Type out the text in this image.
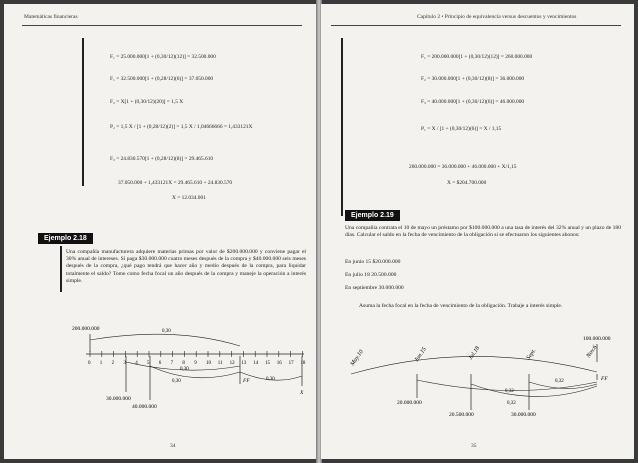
Matemáticas financieras
F₁ = 25.000.000[1 + (0,30/12)(12)] = 32.500.000
F₁ = 32.500.000[1 + (0,28/12)(6)] = 37.050.000
F₂ = X[1 + (0,30/12)(20)] = 1,5 X
P₂ = 1,5 X / [1 + (0,28/12)(2)] = 1,5 X / 1,04666666 = 1,433121X
F₃ = 24.830.570[1 + (0,28/12)(8)] = 29.465.610
37.050.000 + 1,433121X = 29.465.610 + 24.830.570
X = 12.034.001
Ejemplo 2.18
Una compañía manufacturera adquiere materias primas por valor de $200.000.000 y conviene pagar el 30% anual de intereses. Si paga $30.000.000 cuatro meses después de la compra y $40.000.000 seis meses después de la compra, ¿qué pago tendrá que hacer año y medio después de la compra, para liquidar totalmente el saldo? Tome como fecha focal un año después de la compra y maneje la operación a interés simple.
200.000.000	0,30
0 1 2 3 4 5 6 7 8 9 10 11 12 13 14 15 16 17 18
0,30
0,30	0,30
30.000.000
40.000.000
FF
X
34
Capítulo 2 • Principio de equivalencia versus descuentos y vencimientos
F₁ = 200.000.000[1 + (0,30/12)(12)] = 260.000.000
F₂ = 30.000.000[1 + (0,30/12)(8)] = 36.000.000
F₃ = 40.000.000[1 + (0,30/12)(6)] = 46.000.000
P₁ = X / [1 + (0,30/12)(6)] = X / 1,15
260.000.000 = 36.000.000 + 46.000.000 + X/1,15
X = $204.700.000
Ejemplo 2.19
Una compañía contrata el 10 de mayo un préstamo por $100.000.000 a una tasa de interés del 32% anual y un plazo de 180 días. Calcular el saldo en la fecha de vencimiento de la obligación si se efectuaron los siguientes abonos:
En junio 15 $20.000.000
En julio 18 20.500.000
En septiembre 30.000.000
Asuma la fecha focal en la fecha de vencimiento de la obligación. Trabaje a interés simple.
100.000.000
May.10	Jun.15	Jul.18	Sept.	Nov.6
0,32
0,32
0,32	FF
20.000.000
20.500.000	30.000.000
35
